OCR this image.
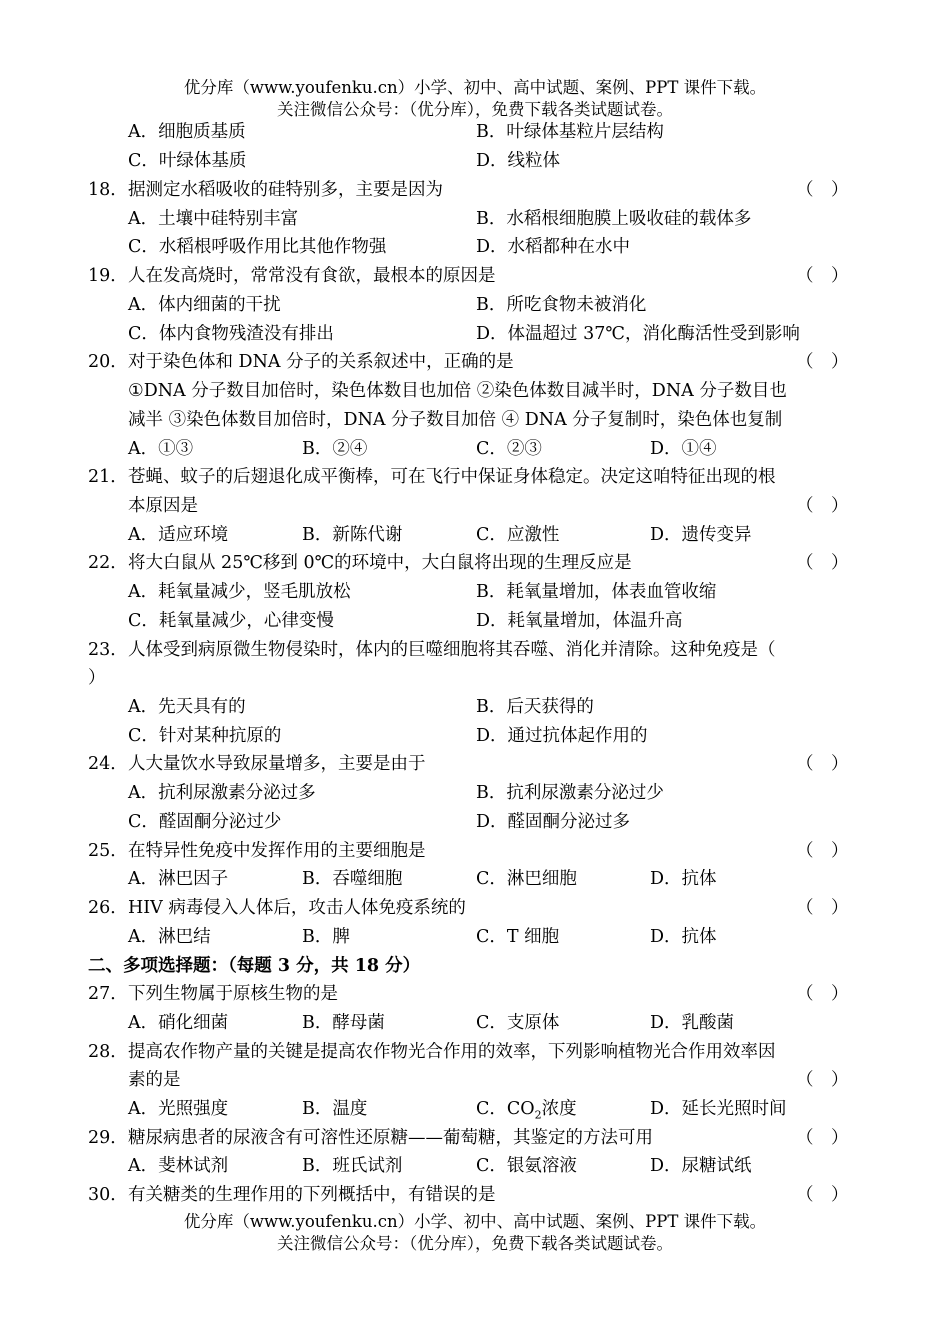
优分库（www.youfenku.cn）小学、初中、高中试题、案例、PPT 课件下载。
关注微信公众号：（优分库），免费下载各类试题试卷。
A．细胞质基质	B．叶绿体基粒片层结构
C．叶绿体基质	D．线粒体
18． 据测定水稻吸收的硅特别多，主要是因为	（　）
A．土壤中硅特别丰富	B．水稻根细胞膜上吸收硅的载体多
C．水稻根呼吸作用比其他作物强	D．水稻都种在水中
19． 人在发高烧时，常常没有食欲，最根本的原因是	（　）
A．体内细菌的干扰	B．所吃食物未被消化
C．体内食物残渣没有排出	D．体温超过 37℃，消化酶活性受到影响
20． 对于染色体和 DNA 分子的关系叙述中，正确的是	（　）
①DNA 分子数目加倍时，染色体数目也加倍 ②染色体数目减半时，DNA 分子数目也
减半 ③染色体数目加倍时，DNA 分子数目加倍 ④ DNA 分子复制时，染色体也复制
A．①③	B．②④	C．②③	D．①④
21． 苍蝇、蚊子的后翅退化成平衡棒，可在飞行中保证身体稳定。决定这咱特征出现的根
本原因是	（　）
A．适应环境	B．新陈代谢	C．应激性	D．遗传变异
22． 将大白鼠从 25℃移到 0℃的环境中，大白鼠将出现的生理反应是	（　）
A．耗氧量减少，竖毛肌放松	B．耗氧量增加，体表血管收缩
C．耗氧量减少，心律变慢	D．耗氧量增加，体温升高
23． 人体受到病原微生物侵染时，体内的巨噬细胞将其吞噬、消化并清除。这种免疫是（
）
A．先天具有的	B．后天获得的
C．针对某种抗原的	D．通过抗体起作用的
24． 人大量饮水导致尿量增多，主要是由于	（　）
A．抗利尿激素分泌过多	B．抗利尿激素分泌过少
C．醛固酮分泌过少	D．醛固酮分泌过多
25． 在特异性免疫中发挥作用的主要细胞是	（　）
A．淋巴因子	B．吞噬细胞	C．淋巴细胞	D．抗体
26． HIV 病毒侵入人体后，攻击人体免疫系统的	（　）
A．淋巴结	B．脾	C．T 细胞	D．抗体
二、多项选择题：（每题 3 分，共 18 分）
27． 下列生物属于原核生物的是	（　）
A．硝化细菌	B．酵母菌	C．支原体	D．乳酸菌
28． 提高农作物产量的关键是提高农作物光合作用的效率，下列影响植物光合作用效率因
素的是	（　）
A．光照强度	B．温度	C．$CO_2$浓度	D．延长光照时间
29． 糖尿病患者的尿液含有可溶性还原糖——葡萄糖，其鉴定的方法可用	（　）
A．斐林试剂	B．班氏试剂	C．银氨溶液	D．尿糖试纸
30． 有关糖类的生理作用的下列概括中，有错误的是	（　）
优分库（www.youfenku.cn）小学、初中、高中试题、案例、PPT 课件下载。
关注微信公众号：（优分库），免费下载各类试题试卷。
